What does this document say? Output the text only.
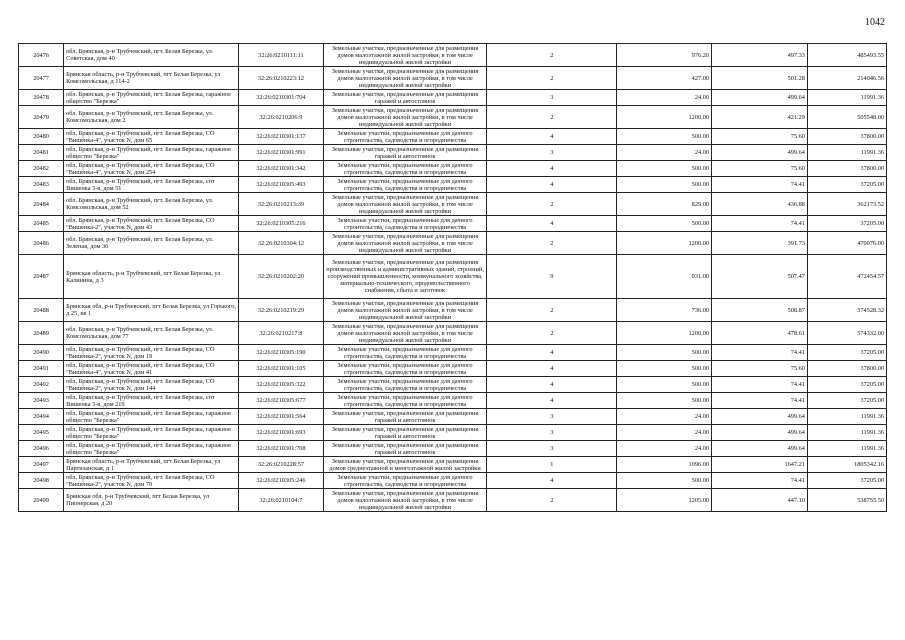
1042
20476	обл. Брянская, р-н Трубчевский, пгт. Белая Березка, ул. Советская, дом 40	32:26:0210111:11	Земельные участки, предназначенные для размещения домов малоэтажной жилой застройки, в том числе индивидуальной жилой застройки	2	976.20	497.33	485493.55
20477	Брянская область, р-н Трубчевский, пгт Белая Березка, ул Комсомольская, д 114-2	32:26:0210223:12	Земельные участки, предназначенные для размещения домов малоэтажной жилой застройки, в том числе индивидуальной жилой застройки	2	427.00	501.28	214046.56
20478	обл. Брянская, р-н Трубчевский, пгт. Белая Березка, гаражное общество "Березка"	32:26:0210301:704	Земельные участки, предназначенные для размещения гаражей и автостоянок	3	24.00	499.64	11991.36
20479	обл. Брянская, р-н Трубчевский, пгт. Белая Березка, ул. Комсомольская, дом 2	32:26:0210206:9	Земельные участки, предназначенные для размещения домов малоэтажной жилой застройки, в том числе индивидуальной жилой застройки	2	1200.00	421.29	505548.00
20480	обл. Брянская, р-н Трубчевский, пгт. Белая Березка, СО "Вишенка-4", участок N, дом 65	32:26:0210301:137	Земельные участки, предназначенные для дачного строительства, садоводства и огородничества	4	500.00	75.60	37800.00
20481	обл. Брянская, р-н Трубчевский, пгт. Белая Березка, гаражное общество "Березка"	32:26:0210301:991	Земельные участки, предназначенные для размещения гаражей и автостоянок	3	24.00	499.64	11991.36
20482	обл. Брянская, р-н Трубчевский, пгт. Белая Березка, СО "Вишенка-4", участок N, дом 254	32:26:0210301:342	Земельные участки, предназначенные для дачного строительства, садоводства и огородничества	4	500.00	75.60	37800.00
20483	обл. Брянская, р-н Трубчевский, пгт. Белая Березка, снт Вишенка 3-я, дом 51	32:26:0210305:493	Земельные участки, предназначенные для дачного строительства, садоводства и огородничества	4	500.00	74.41	37205.00
20484	обл. Брянская, р-н Трубчевский, пгт. Белая Березка, ул. Комсомольская, дом 52	32:26:0210213:39	Земельные участки, предназначенные для размещения домов малоэтажной жилой застройки, в том числе индивидуальной жилой застройки	2	829.00	436.88	362173.52
20485	обл. Брянская, р-н Трубчевский, пгт. Белая Березка, СО "Вишенка-2", участок N, дом 43	32:26:0210305:216	Земельные участки, предназначенные для дачного строительства, садоводства и огородничества	4	500.00	74.41	37205.00
20486	обл. Брянская, р-н Трубчевский, пгт. Белая Березка, ул. Зеленая, дом 36	32:26:0210304:12	Земельные участки, предназначенные для размещения домов малоэтажной жилой застройки, в том числе индивидуальной жилой застройки	2	1200.00	391.73	470076.00
20487	Брянская область, р-н Трубчевский, пгт Белая Березка, ул Калинина, д 3	32:26:0210202:20	Земельные участки, предназначенные для размещения производственных и административных зданий, строений, сооружений промышленности, коммунального хозяйства, материально-технического, продовольственного снабжения, сбыта и заготовок	9	931.00	507.47	472454.57
20488	Брянская обл, р-н Трубчевский, пгт Белая Березка, ул Горького, д 25, кв 1	32:26:0210219:29	Земельные участки, предназначенные для размещения домов малоэтажной жилой застройки, в том числе индивидуальной жилой застройки	2	736.00	508.87	374528.32
20489	обл. Брянская, р-н Трубчевский, пгт. Белая Березка, ул. Комсомольская, дом 77	32:26:0210217:8	Земельные участки, предназначенные для размещения домов малоэтажной жилой застройки, в том числе индивидуальной жилой застройки	2	1200.00	478.61	574332.00
20490	обл. Брянская, р-н Трубчевский, пгт. Белая Березка, СО "Вишенка-2", участок N, дом 19	32:26:0210305:190	Земельные участки, предназначенные для дачного строительства, садоводства и огородничества	4	500.00	74.41	37205.00
20491	обл. Брянская, р-н Трубчевский, пгт. Белая Березка, СО "Вишенка-4", участок N, дом 41	32:26:0210301:105	Земельные участки, предназначенные для дачного строительства, садоводства и огородничества	4	500.00	75.60	37800.00
20492	обл. Брянская, р-н Трубчевский, пгт. Белая Березка, СО "Вишенка-2", участок N, дом 144	32:26:0210305:322	Земельные участки, предназначенные для дачного строительства, садоводства и огородничества	4	500.00	74.41	37205.00
20493	обл. Брянская, р-н Трубчевский, пгт. Белая Березка, снт Вишенка 3-я, дом 219	32:26:0210305:677	Земельные участки, предназначенные для дачного строительства, садоводства и огородничества	4	500.00	74.41	37205.00
20494	обл. Брянская, р-н Трубчевский, пгт. Белая Березка, гаражное общество "Березка"	32:26:0210301:564	Земельные участки, предназначенные для размещения гаражей и автостоянок	3	24.00	499.64	11991.36
20495	обл. Брянская, р-н Трубчевский, пгт. Белая Березка, гаражное общество "Березка"	32:26:0210301:693	Земельные участки, предназначенные для размещения гаражей и автостоянок	3	24.00	499.64	11991.36
20496	обл. Брянская, р-н Трубчевский, пгт. Белая Березка, гаражное общество "Березка"	32:26:0210301:708	Земельные участки, предназначенные для размещения гаражей и автостоянок	3	24.00	499.64	11991.36
20497	Брянская область, р-н Трубчевский, пгт Белая Березка, ул Партизанская, д 1	32:26:0210228:57	Земельные участки, предназначенные для размещения домов среднеэтажной и многоэтажной жилой застройки	1	1096.00	1647.21	1805342.16
20498	обл. Брянская, р-н Трубчевский, пгт. Белая Березка, СО "Вишенка-2", участок N, дом 70	32:26:0210305:246	Земельные участки, предназначенные для дачного строительства, садоводства и огородничества	4	500.00	74.41	37205.00
20499	Брянская обл, р-н Трубчевский, пгт Белая Березка, ул Пионерская, д 20	32:26:0210104:7	Земельные участки, предназначенные для размещения домов малоэтажной жилой застройки, в том числе индивидуальной жилой застройки	2	1205.00	447.10	538755.50
